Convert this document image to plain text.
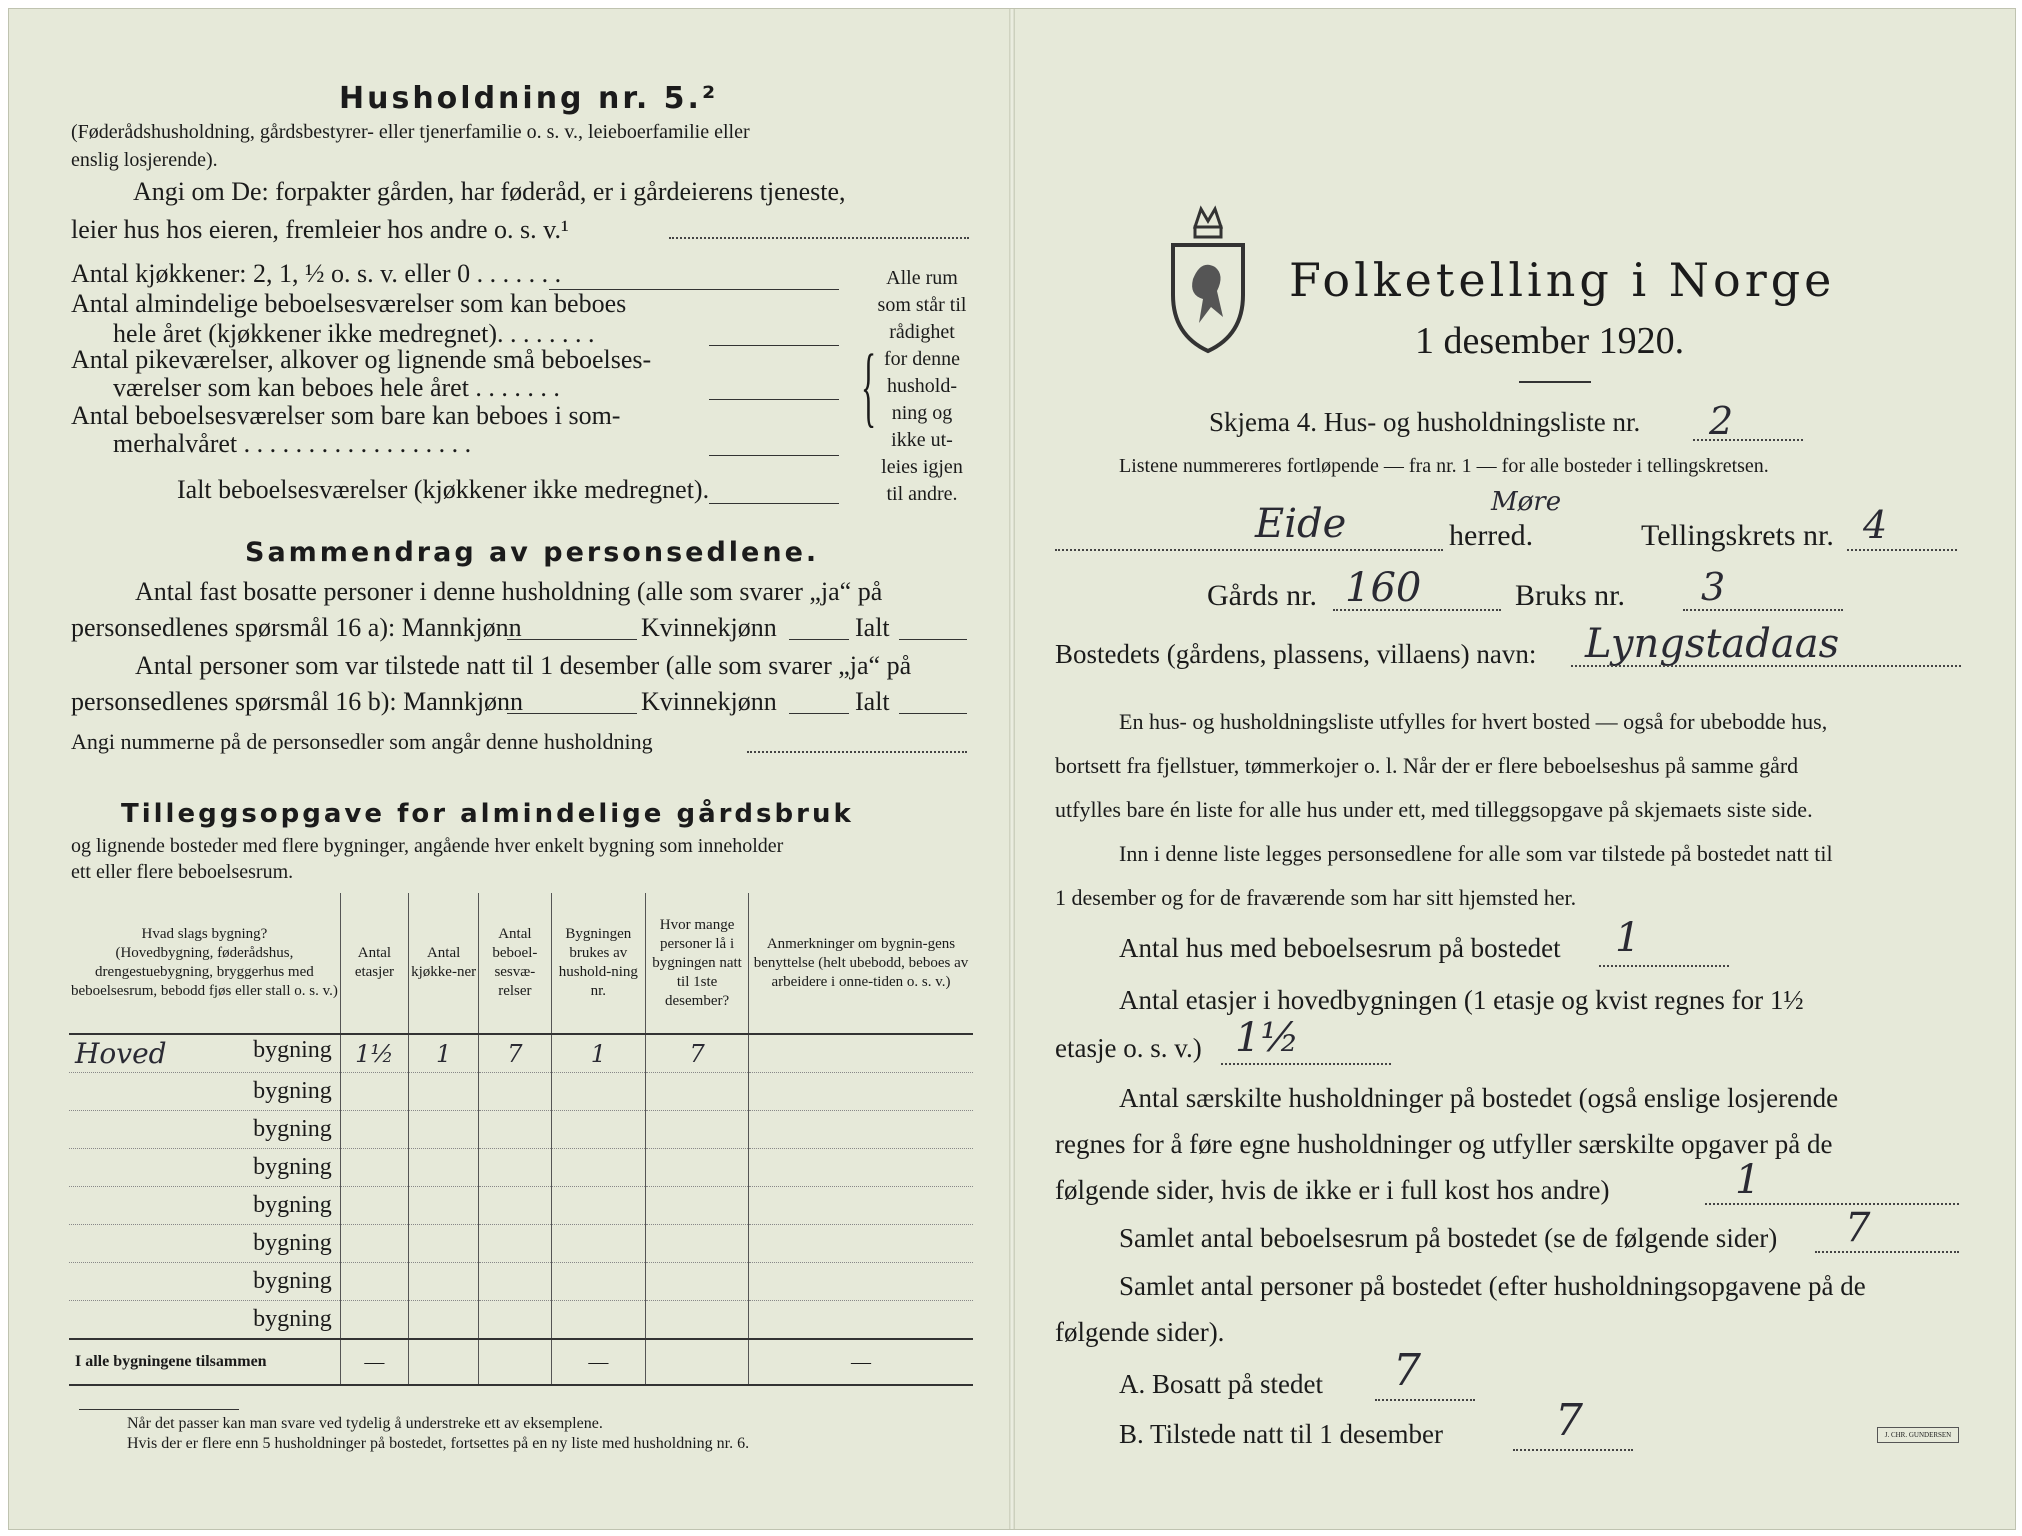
Husholdning nr. 5.²
(Føderådshusholdning, gårdsbestyrer- eller tjenerfamilie o. s. v., leieboerfamilie eller
enslig losjerende).
Angi om De: forpakter gården, har føderåd, er i gårdeierens tjeneste,
leier hus hos eieren, fremleier hos andre o. s. v.¹
Antal kjøkkener: 2, 1, ½ o. s. v. eller 0 . . . . . . .
Antal almindelige beboelsesværelser som kan beboes
hele året (kjøkkener ikke medregnet). . . . . . . .
Antal pikeværelser, alkover og lignende små beboelses-
værelser som kan beboes hele året . . . . . . .
Antal beboelsesværelser som bare kan beboes i som-
merhalvåret . . . . . . . . . . . . . . . . . .
{
Alle rum
som står til
rådighet
for denne
hushold-
ning og
ikke ut-
leies igjen
til andre.
Ialt beboelsesværelser (kjøkkener ikke medregnet).
Sammendrag av personsedlene.
Antal fast bosatte personer i denne husholdning (alle som svarer „ja“ på
personsedlenes spørsmål 16 a): Mannkjønn	Kvinnekjønn	Ialt
Antal personer som var tilstede natt til 1 desember (alle som svarer „ja“ på
personsedlenes spørsmål 16 b): Mannkjønn	Kvinnekjønn	Ialt
Angi nummerne på de personsedler som angår denne husholdning
Tilleggsopgave for almindelige gårdsbruk
og lignende bosteder med flere bygninger, angående hver enkelt bygning som inneholder
ett eller flere beboelsesrum.
Hvad slags bygning?
(Hovedbygning, føderådshus, drengestuebygning, bryggerhus med beboelsesrum, bebodd fjøs eller stall o. s. v.)	Antal etasjer	Antal kjøkke-ner	Antal beboel-sesvæ-relser	Bygningen brukes av hushold-ning nr.	Hvor mange personer lå i bygningen natt til 1ste desember?	Anmerkninger om bygnin-gens benyttelse (helt ubebodd, beboes av arbeidere i onne-tiden o. s. v.)

Hoved bygning	1½	1	7	1	7	
bygning						
bygning						
bygning						
bygning						
bygning						
bygning						
bygning						
I alle bygningene tilsammen	—			—		—
Når det passer kan man svare ved tydelig å understreke ett av eksemplene.
Hvis der er flere enn 5 husholdninger på bostedet, fortsettes på en ny liste med husholdning nr. 6.
Folketelling i Norge
1 desember 1920.
Skjema 4. Hus- og husholdningsliste nr. 2
Listene nummereres fortløpende — fra nr. 1 — for alle bosteder i tellingskretsen.
Eide	Møre
herred.	Tellingskrets nr. 4
Gårds nr. 160	Bruks nr. 3
Bostedets (gårdens, plassens, villaens) navn: Lyngstadaas
En hus- og husholdningsliste utfylles for hvert bosted — også for ubebodde hus,
bortsett fra fjellstuer, tømmerkojer o. l. Når der er flere beboelseshus på samme gård
utfylles bare én liste for alle hus under ett, med tilleggsopgave på skjemaets siste side.
Inn i denne liste legges personsedlene for alle som var tilstede på bostedet natt til
1 desember og for de fraværende som har sitt hjemsted her.
Antal hus med beboelsesrum på bostedet 1
Antal etasjer i hovedbygningen (1 etasje og kvist regnes for 1½
etasje o. s. v.) 1½
Antal særskilte husholdninger på bostedet (også enslige losjerende
regnes for å føre egne husholdninger og utfyller særskilte opgaver på de
følgende sider, hvis de ikke er i full kost hos andre)	1
Samlet antal beboelsesrum på bostedet (se de følgende sider) 7
Samlet antal personer på bostedet (efter husholdningsopgavene på de
følgende sider).
A. Bosatt på stedet 7
B. Tilstede natt til 1 desember	7	J. CHR. GUNDERSEN
